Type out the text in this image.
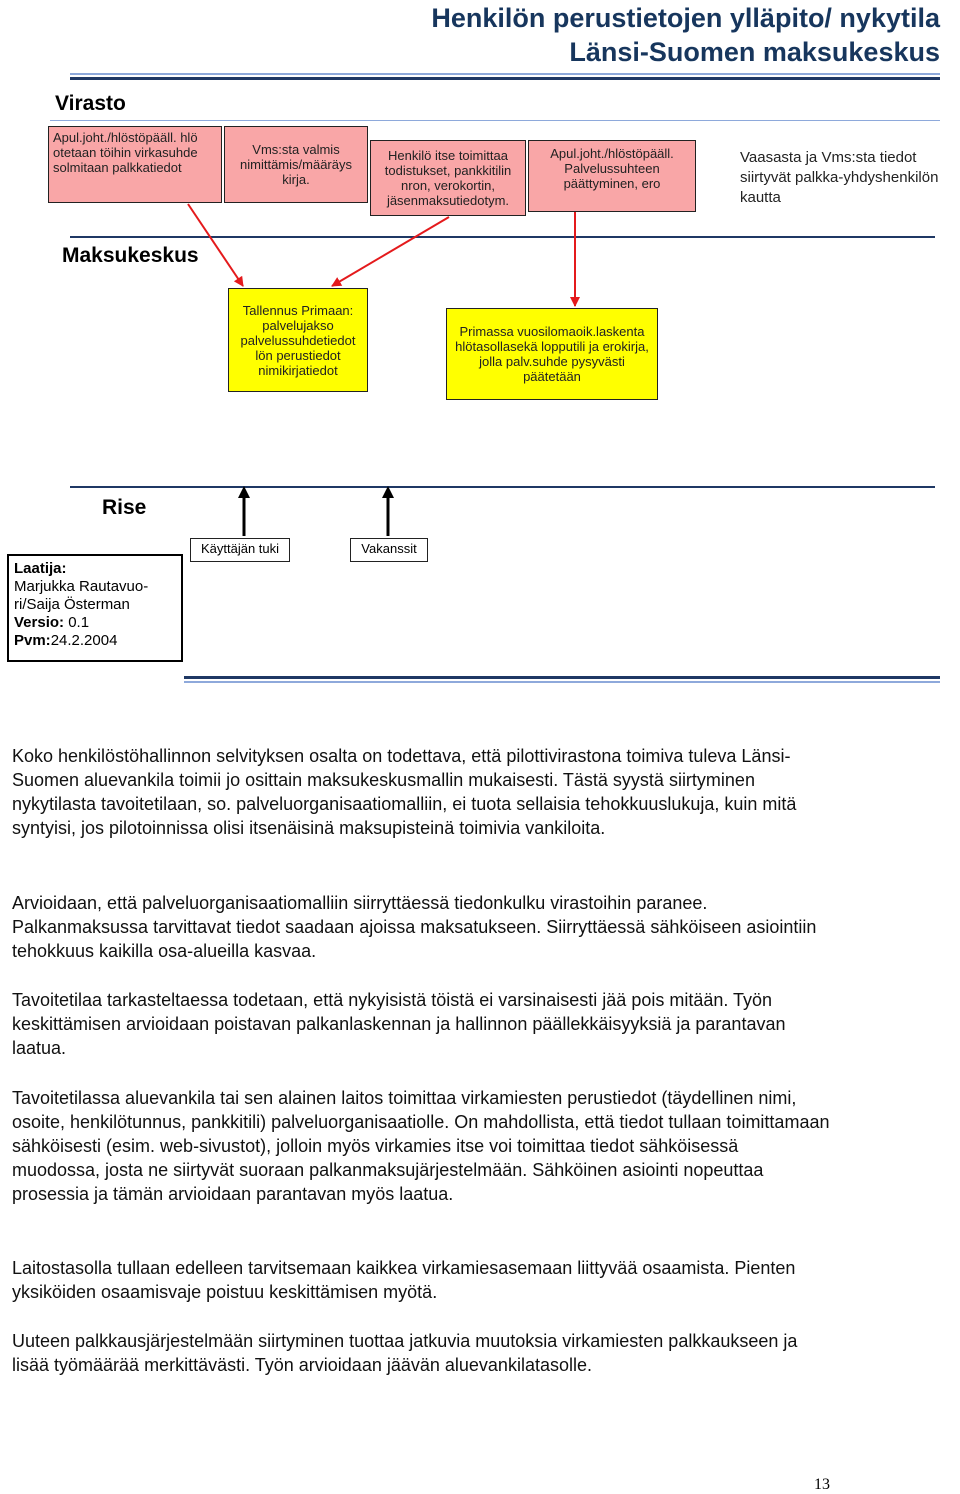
Henkilön perustietojen ylläpito/ nykytila
Länsi-Suomen maksukeskus
Virasto
Apul.joht./hlöstöpääll. hlö otetaan töihin virkasuhde solmitaan palkkatiedot
Vms:sta valmis nimittämis/määräys kirja.
Henkilö itse toimittaa todistukset, pankkitilin nron, verokortin, jäsenmaksutiedotym.
Apul.joht./hlöstöpääll. Palvelussuhteen päättyminen, ero
Vaasasta ja Vms:sta tiedot siirtyvät palkka-yhdyshenkilön kautta
Maksukeskus
Tallennus Primaan: palvelujakso palvelussuhdetiedot lön perustiedot nimikirjatiedot
Primassa vuosilomaoik.laskenta hlötasollasekä lopputili ja erokirja, jolla palv.suhde pysyvästi päätetään
Rise
Käyttäjän tuki	Vakanssit
Laatija:
Marjukka Rautavuo-ri/Saija Österman
Versio: 0.1
Pvm:24.2.2004
Koko henkilöstöhallinnon selvityksen osalta on todettava, että pilottivirastona toimiva tuleva Länsi-Suomen aluevankila toimii jo osittain maksukeskusmallin mukaisesti. Tästä syystä siirtyminen nykytilasta tavoitetilaan, so. palveluorganisaatiomalliin, ei tuota sellaisia tehokkuuslukuja, kuin mitä syntyisi, jos pilotoinnissa olisi itsenäisinä maksupisteinä toimivia vankiloita.
Arvioidaan, että palveluorganisaatiomalliin siirryttäessä tiedonkulku virastoihin paranee. Palkanmaksussa tarvittavat tiedot saadaan ajoissa maksatukseen. Siirryttäessä sähköiseen asiointiin tehokkuus kaikilla osa-alueilla kasvaa.
Tavoitetilaa tarkasteltaessa todetaan, että nykyisistä töistä ei varsinaisesti jää pois mitään. Työn keskittämisen arvioidaan poistavan palkanlaskennan ja hallinnon päällekkäisyyksiä ja parantavan laatua.
Tavoitetilassa aluevankila tai sen alainen laitos toimittaa virkamiesten perustiedot (täydellinen nimi, osoite, henkilötunnus, pankkitili) palveluorganisaatiolle. On mahdollista, että tiedot tullaan toimittamaan sähköisesti (esim. web-sivustot), jolloin myös virkamies itse voi toimittaa tiedot sähköisessä muodossa, josta ne siirtyvät suoraan palkanmaksujärjestelmään. Sähköinen asiointi nopeuttaa prosessia ja tämän arvioidaan parantavan myös laatua.
Laitostasolla tullaan edelleen tarvitsemaan kaikkea virkamiesasemaan liittyvää osaamista. Pienten yksiköiden osaamisvaje poistuu keskittämisen myötä.
Uuteen palkkausjärjestelmään siirtyminen tuottaa jatkuvia muutoksia virkamiesten palkkaukseen ja lisää työmäärää merkittävästi. Työn arvioidaan jäävän aluevankilatasolle.
13
